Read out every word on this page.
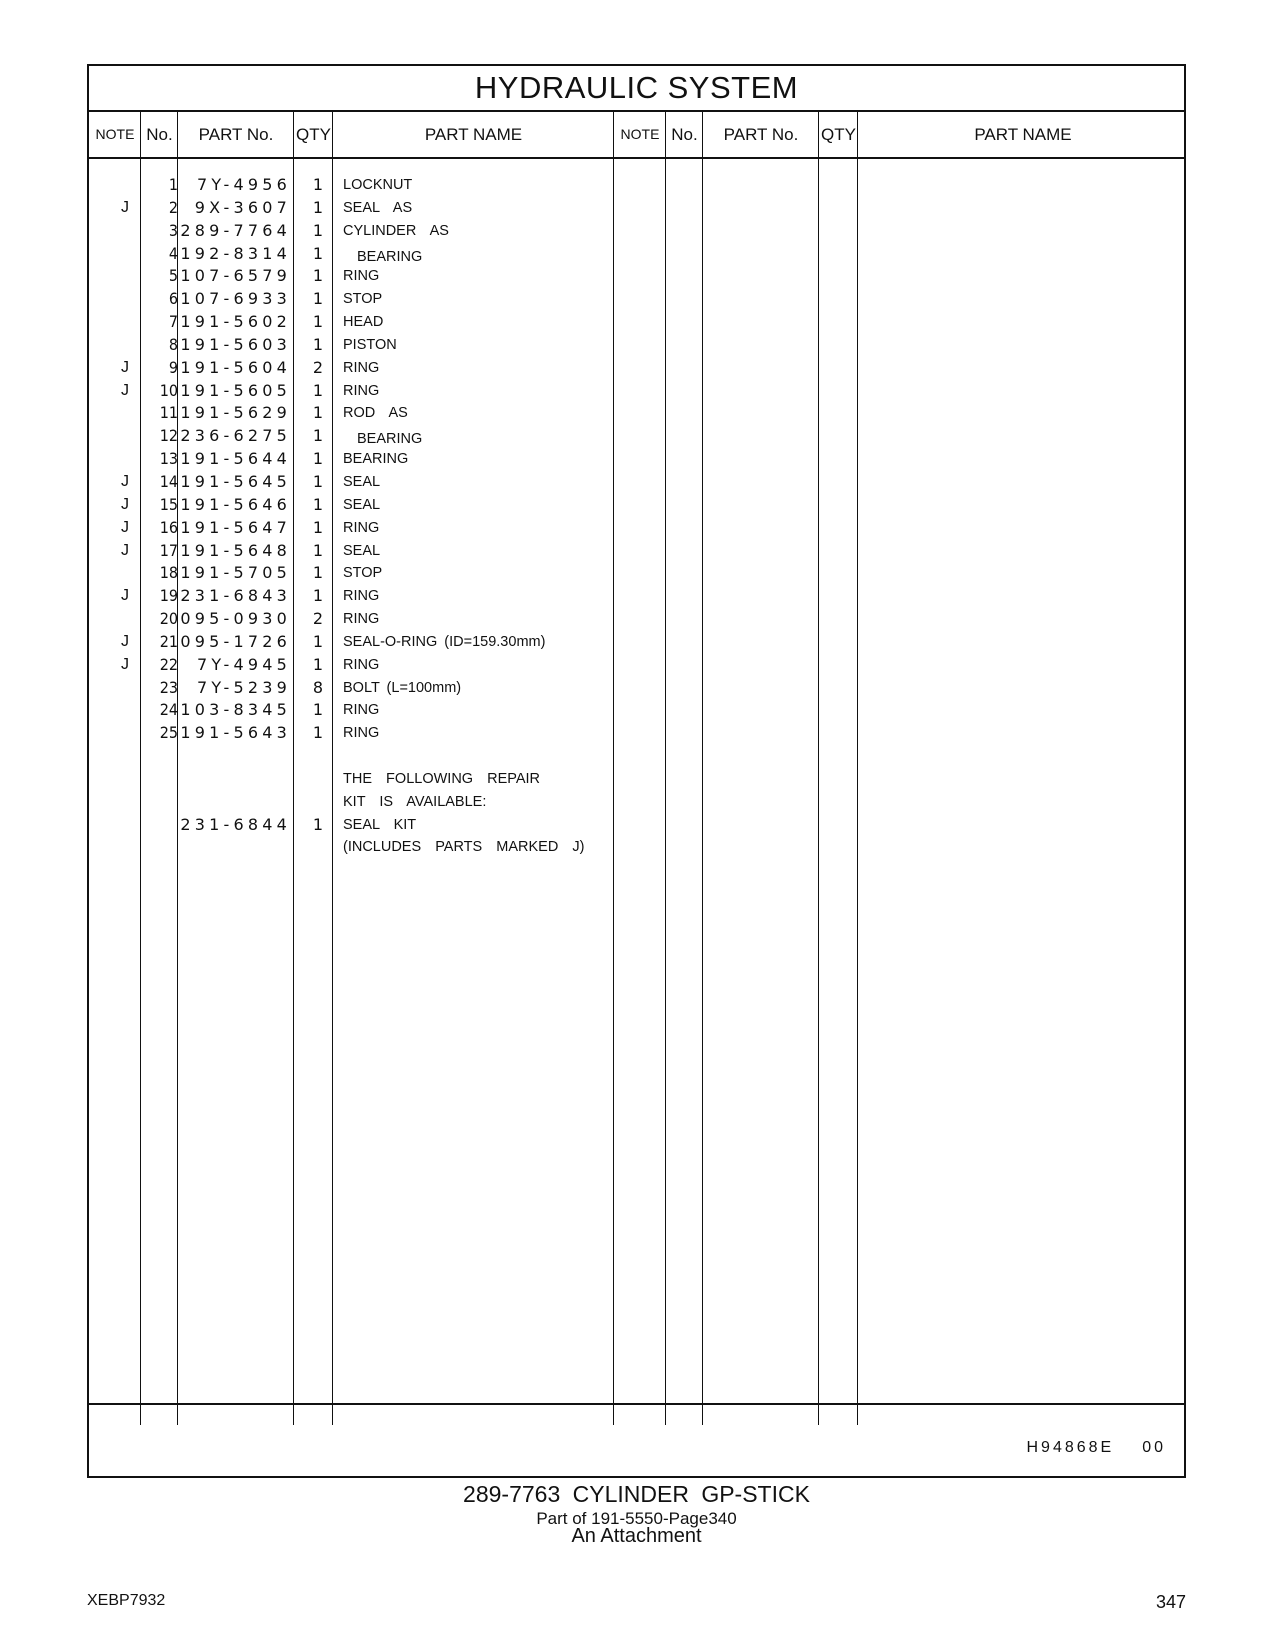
HYDRAULIC SYSTEM
NOTE No.	PART No.	QTY	PART NAME	NOTE No.	PART No.	QTY	PART NAME
1	7Y-4956	1 LOCKNUT
J	2	9X-3607	1 SEAL  AS
3 289-7764	1 CYLINDER  AS
4 192-8314	1 BEARING
5 107-6579	1 RING
6 107-6933	1 STOP
7 191-5602	1 HEAD
8 191-5603	1 PISTON
J	9 191-5604	2 RING
J	10 191-5605	1 RING
11 191-5629	1 ROD  AS
12 236-6275	1 BEARING
13 191-5644	1 BEARING
J	14 191-5645	1 SEAL
J	15 191-5646	1 SEAL
J	16 191-5647	1 RING
J	17 191-5648	1 SEAL
18 191-5705	1 STOP
J	19 231-6843	1 RING
20 095-0930	2 RING
J	21 095-1726	1 SEAL-O-RING (ID=159.30mm)
J	22	7Y-4945	1 RING
23	7Y-5239	8 BOLT (L=100mm)
24 103-8345	1 RING
25 191-5643	1 RING
THE  FOLLOWING  REPAIR
KIT  IS  AVAILABLE:
231-6844	1 SEAL  KIT
(INCLUDES  PARTS  MARKED  J)
H94868E 00
289-7763 CYLINDER GP-STICK
Part of 191-5550-Page340
An Attachment
XEBP7932	347
